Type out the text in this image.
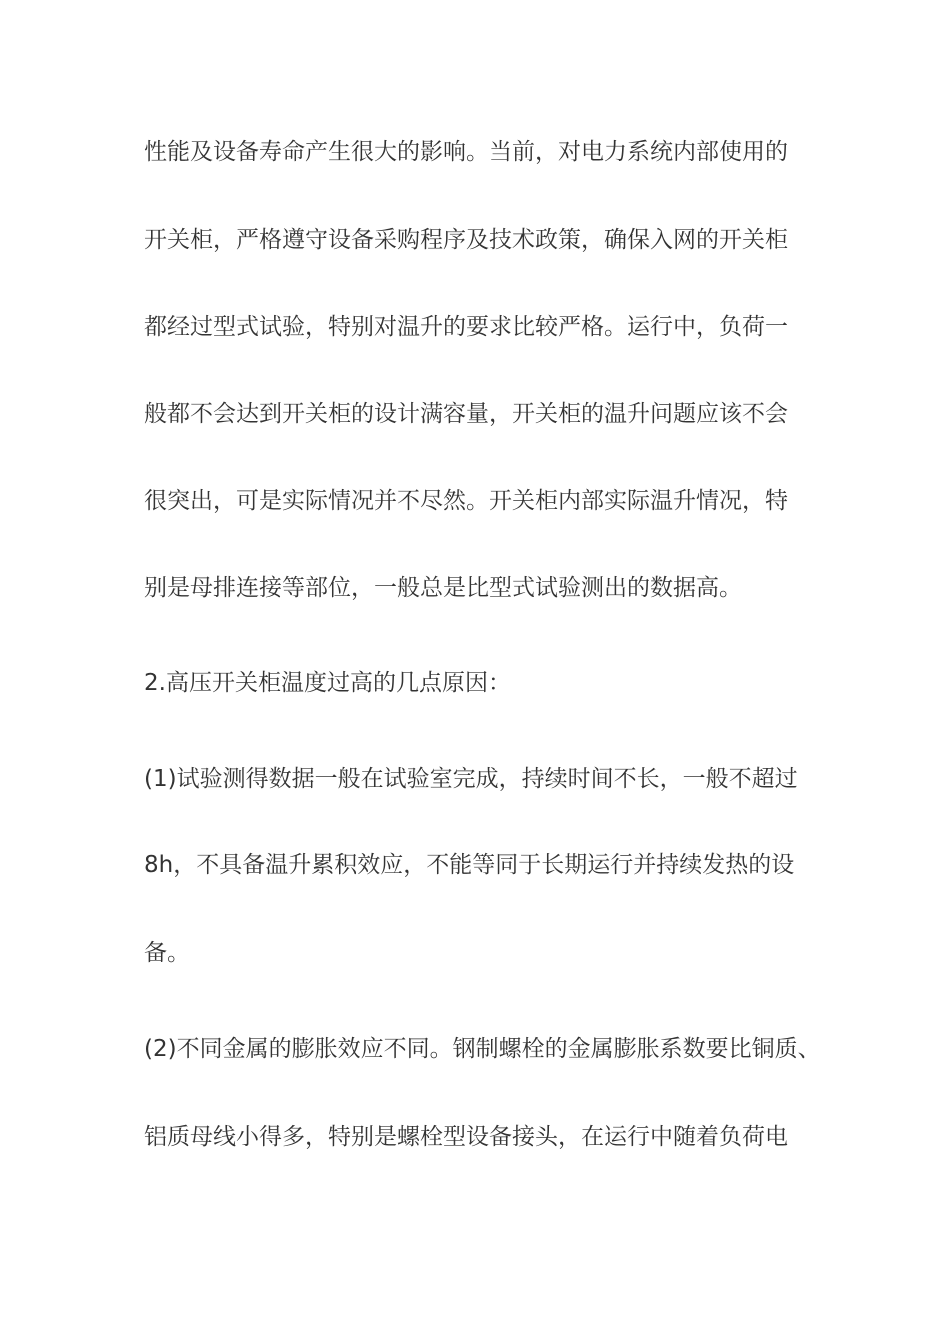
性能及设备寿命产生很大的影响。当前，对电力系统内部使用的
开关柜，严格遵守设备采购程序及技术政策，确保入网的开关柜
都经过型式试验，特别对温升的要求比较严格。运行中，负荷一
般都不会达到开关柜的设计满容量，开关柜的温升问题应该不会
很突出，可是实际情况并不尽然。开关柜内部实际温升情况，特
别是母排连接等部位，一般总是比型式试验测出的数据高。
2.高压开关柜温度过高的几点原因：
(1)试验测得数据一般在试验室完成，持续时间不长，一般不超过
8h，不具备温升累积效应，不能等同于长期运行并持续发热的设
备。
(2)不同金属的膨胀效应不同。钢制螺栓的金属膨胀系数要比铜质、
铝质母线小得多，特别是螺栓型设备接头，在运行中随着负荷电
